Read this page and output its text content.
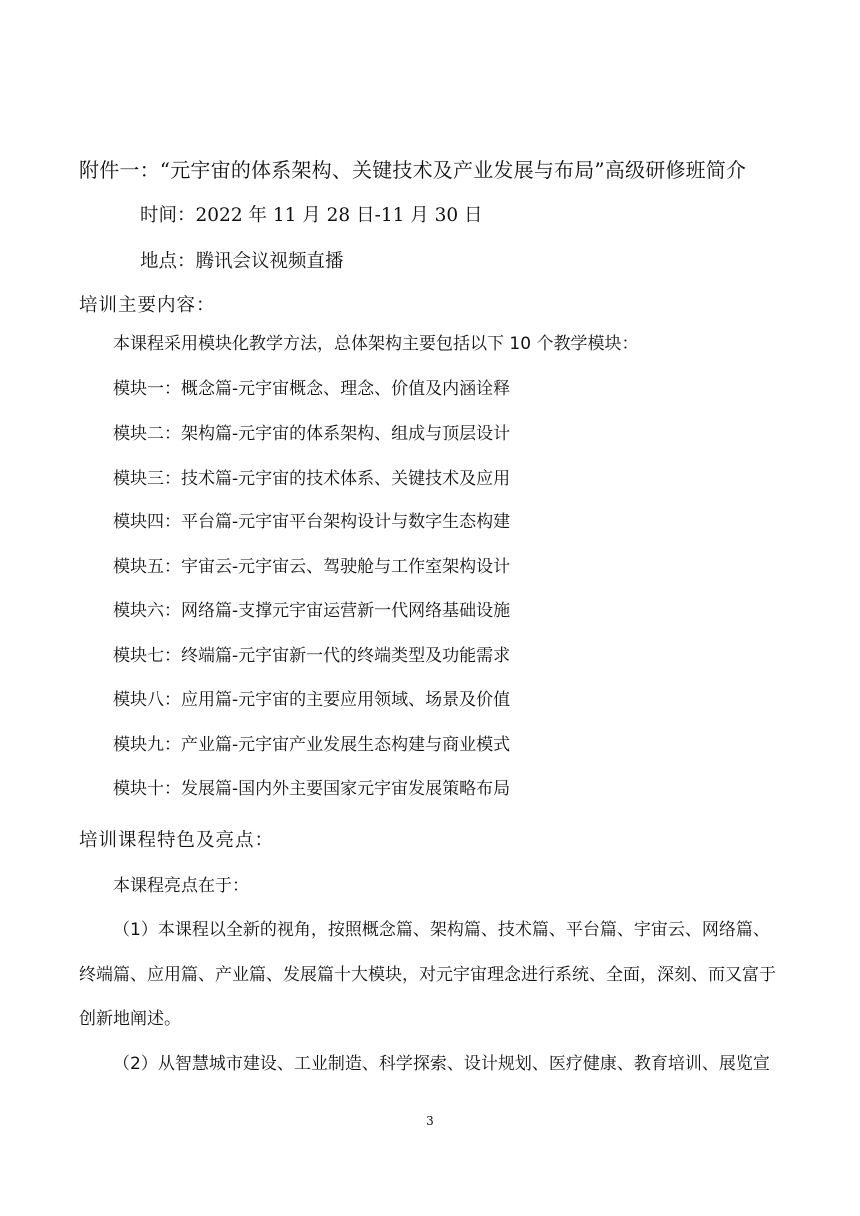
附件一：“元宇宙的体系架构、关键技术及产业发展与布局”高级研修班简介
时间：2022 年 11 月 28 日-11 月 30 日
地点：腾讯会议视频直播
培训主要内容：
本课程采用模块化教学方法，总体架构主要包括以下 10 个教学模块：
模块一：概念篇-元宇宙概念、理念、价值及内涵诠释
模块二：架构篇-元宇宙的体系架构、组成与顶层设计
模块三：技术篇-元宇宙的技术体系、关键技术及应用
模块四：平台篇-元宇宙平台架构设计与数字生态构建
模块五：宇宙云-元宇宙云、驾驶舱与工作室架构设计
模块六：网络篇-支撑元宇宙运营新一代网络基础设施
模块七：终端篇-元宇宙新一代的终端类型及功能需求
模块八：应用篇-元宇宙的主要应用领域、场景及价值
模块九：产业篇-元宇宙产业发展生态构建与商业模式
模块十：发展篇-国内外主要国家元宇宙发展策略布局
培训课程特色及亮点：
本课程亮点在于：
（1）本课程以全新的视角，按照概念篇、架构篇、技术篇、平台篇、宇宙云、网络篇、
终端篇、应用篇、产业篇、发展篇十大模块，对元宇宙理念进行系统、全面，深刻、而又富于
创新地阐述。
（2）从智慧城市建设、工业制造、科学探索、设计规划、医疗健康、教育培训、展览宣
3
